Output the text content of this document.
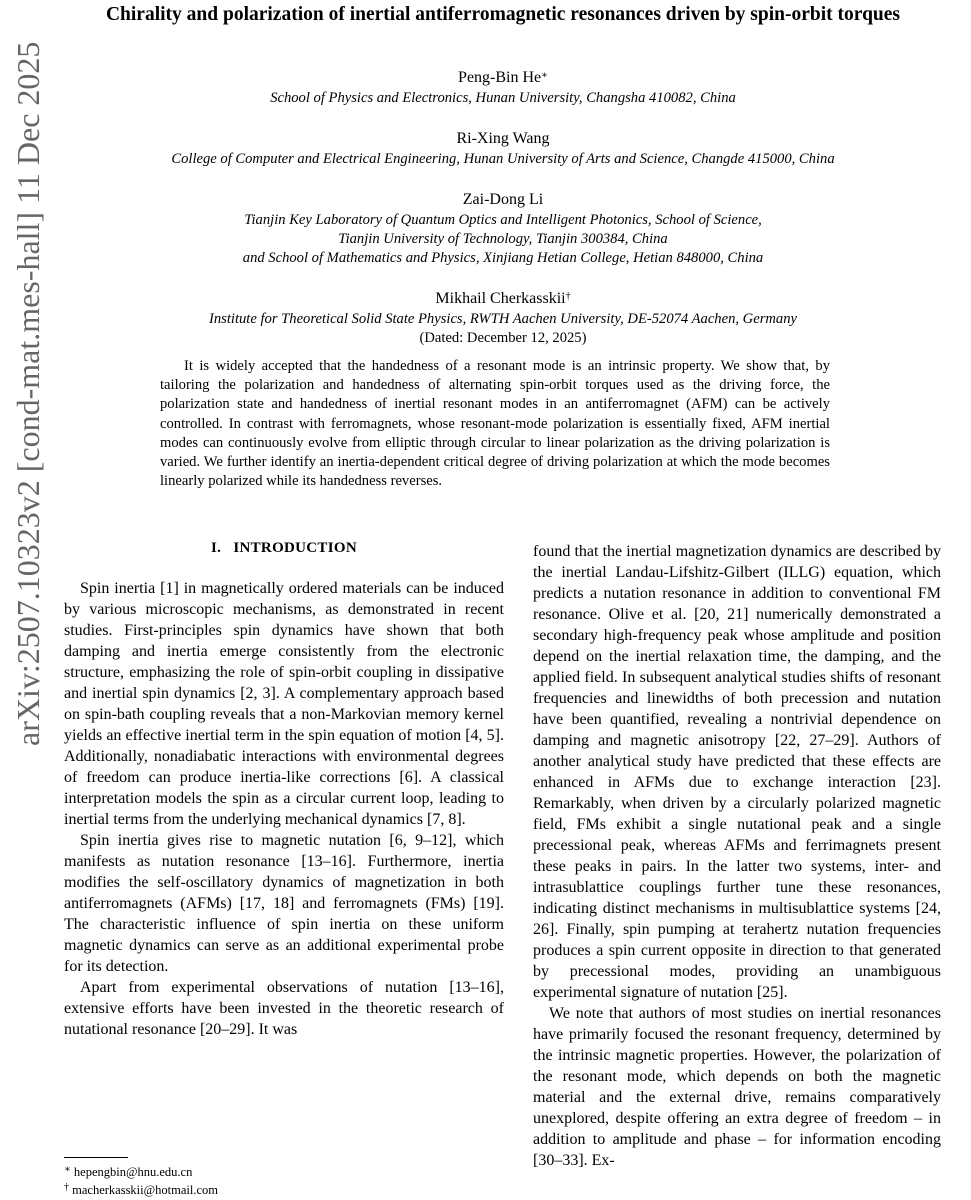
arXiv:2507.10323v2 [cond-mat.mes-hall] 11 Dec 2025
Chirality and polarization of inertial antiferromagnetic resonances driven by spin-orbit torques
Peng-Bin He∗
School of Physics and Electronics, Hunan University, Changsha 410082, China
Ri-Xing Wang
College of Computer and Electrical Engineering, Hunan University of Arts and Science, Changde 415000, China
Zai-Dong Li
Tianjin Key Laboratory of Quantum Optics and Intelligent Photonics, School of Science,
Tianjin University of Technology, Tianjin 300384, China
and School of Mathematics and Physics, Xinjiang Hetian College, Hetian 848000, China
Mikhail Cherkasskii†
Institute for Theoretical Solid State Physics, RWTH Aachen University, DE-52074 Aachen, Germany
(Dated: December 12, 2025)

It is widely accepted that the handedness of a resonant mode is an intrinsic property. We show that, by tailoring the polarization and handedness of alternating spin-orbit torques used as the driving force, the polarization state and handedness of inertial resonant modes in an antiferromagnet (AFM) can be actively controlled. In contrast with ferromagnets, whose resonant-mode polarization is essentially fixed, AFM inertial modes can continuously evolve from elliptic through circular to linear polarization as the driving polarization is varied. We further identify an inertia-dependent critical degree of driving polarization at which the mode becomes linearly polarized while its handedness reverses.

I. INTRODUCTION

Spin inertia [1] in magnetically ordered materials can be induced by various microscopic mechanisms, as demonstrated in recent studies. First-principles spin dynamics have shown that both damping and inertia emerge consistently from the electronic structure, emphasizing the role of spin-orbit coupling in dissipative and inertial spin dynamics [2, 3]. A complementary approach based on spin-bath coupling reveals that a non-Markovian memory kernel yields an effective inertial term in the spin equation of motion [4, 5]. Additionally, nonadiabatic interactions with environmental degrees of freedom can produce inertia-like corrections [6]. A classical interpretation models the spin as a circular current loop, leading to inertial terms from the underlying mechanical dynamics [7, 8].

Spin inertia gives rise to magnetic nutation [6, 9–12], which manifests as nutation resonance [13–16]. Furthermore, inertia modifies the self-oscillatory dynamics of magnetization in both antiferromagnets (AFMs) [17, 18] and ferromagnets (FMs) [19]. The characteristic influence of spin inertia on these uniform magnetic dynamics can serve as an additional experimental probe for its detection.

Apart from experimental observations of nutation [13–16], extensive efforts have been invested in the theoretic research of nutational resonance [20–29]. It was

found that the inertial magnetization dynamics are described by the inertial Landau-Lifshitz-Gilbert (ILLG) equation, which predicts a nutation resonance in addition to conventional FM resonance. Olive et al. [20, 21] numerically demonstrated a secondary high-frequency peak whose amplitude and position depend on the inertial relaxation time, the damping, and the applied field. In subsequent analytical studies shifts of resonant frequencies and linewidths of both precession and nutation have been quantified, revealing a nontrivial dependence on damping and magnetic anisotropy [22, 27–29]. Authors of another analytical study have predicted that these effects are enhanced in AFMs due to exchange interaction [23]. Remarkably, when driven by a circularly polarized magnetic field, FMs exhibit a single nutational peak and a single precessional peak, whereas AFMs and ferrimagnets present these peaks in pairs. In the latter two systems, inter- and intrasublattice couplings further tune these resonances, indicating distinct mechanisms in multisublattice systems [24, 26]. Finally, spin pumping at terahertz nutation frequencies produces a spin current opposite in direction to that generated by precessional modes, providing an unambiguous experimental signature of nutation [25].

We note that authors of most studies on inertial resonances have primarily focused the resonant frequency, determined by the intrinsic magnetic properties. However, the polarization of the resonant mode, which depends on both the magnetic material and the external drive, remains comparatively unexplored, despite offering an extra degree of freedom – in addition to amplitude and phase – for information encoding [30–33]. Ex-

∗ hepengbin@hnu.edu.cn
† macherkasskii@hotmail.com
